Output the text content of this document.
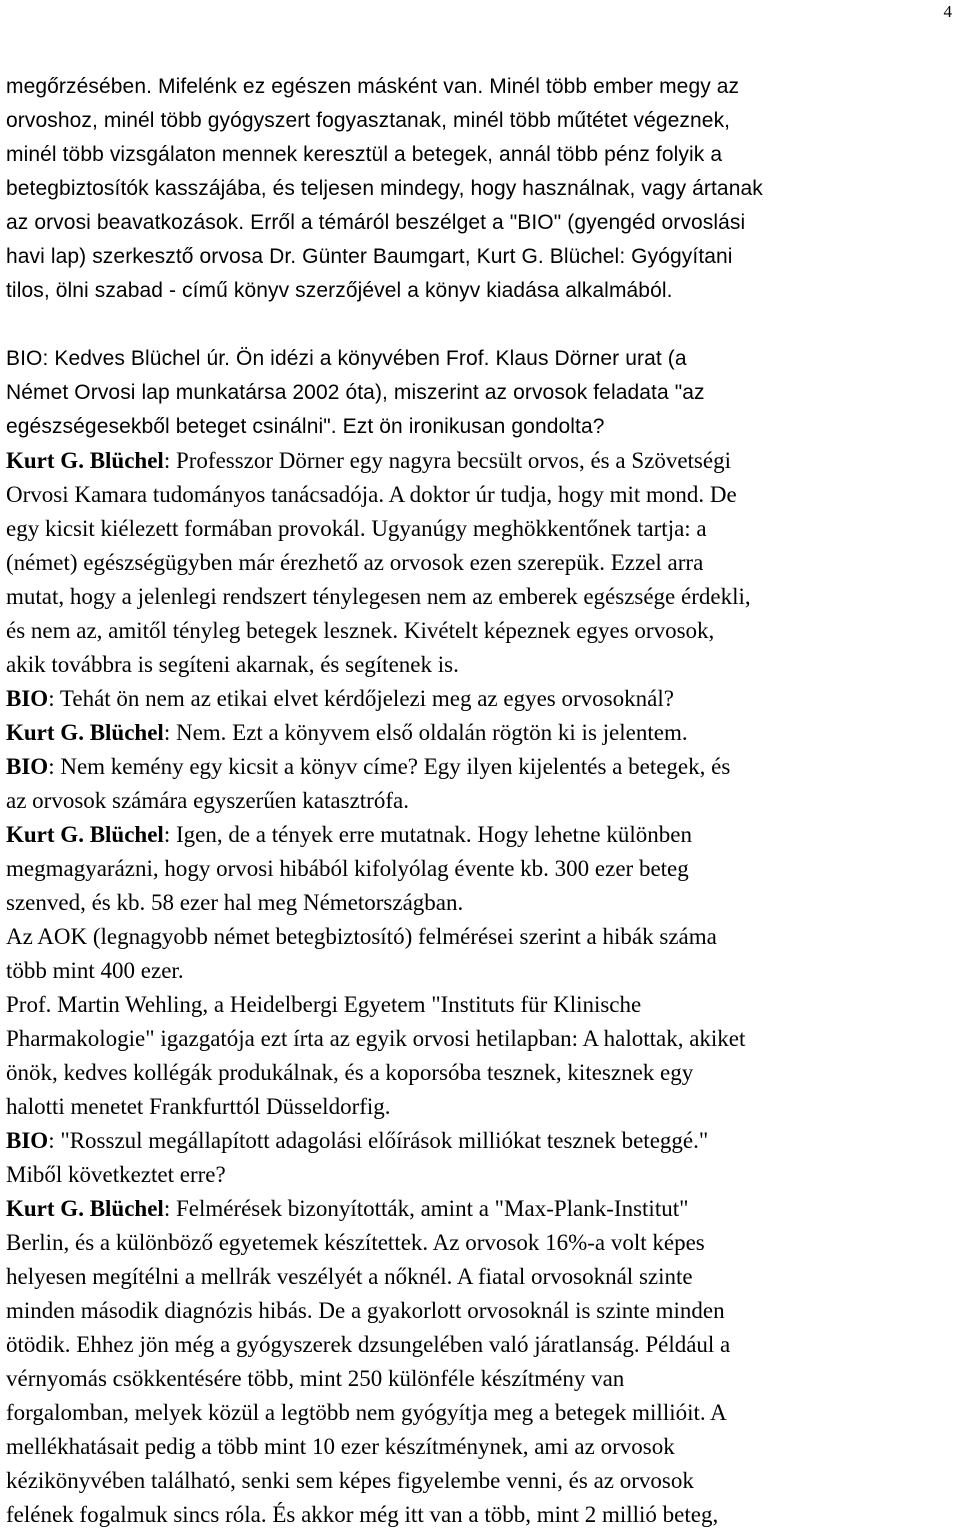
4
megőrzésében. Mifelénk ez egészen másként van. Minél több ember megy az
orvoshoz, minél több gyógyszert fogyasztanak, minél több műtétet végeznek,
minél több vizsgálaton mennek keresztül a betegek, annál több pénz folyik a
betegbiztosítók kasszájába, és teljesen mindegy, hogy használnak, vagy ártanak
az orvosi beavatkozások. Erről a témáról beszélget a "BIO" (gyengéd orvoslási
havi lap) szerkesztő orvosa Dr. Günter Baumgart, Kurt G. Blüchel: Gyógyítani
tilos, ölni szabad - című könyv szerzőjével a könyv kiadása alkalmából.
BIO: Kedves Blüchel úr. Ön idézi a könyvében Frof. Klaus Dörner urat (a
Német Orvosi lap munkatársa 2002 óta), miszerint az orvosok feladata "az
egészségesekből beteget csinálni". Ezt ön ironikusan gondolta?
Kurt G. Blüchel: Professzor Dörner egy nagyra becsült orvos, és a Szövetségi
Orvosi Kamara tudományos tanácsadója. A doktor úr tudja, hogy mit mond. De
egy kicsit kiélezett formában provokál. Ugyanúgy meghökkentőnek tartja: a
(német) egészségügyben már érezhető az orvosok ezen szerepük. Ezzel arra
mutat, hogy a jelenlegi rendszert ténylegesen nem az emberek egészsége érdekli,
és nem az, amitől tényleg betegek lesznek. Kivételt képeznek egyes orvosok,
akik továbbra is segíteni akarnak, és segítenek is.
BIO: Tehát ön nem az etikai elvet kérdőjelezi meg az egyes orvosoknál?
Kurt G. Blüchel: Nem. Ezt a könyvem első oldalán rögtön ki is jelentem.
BIO: Nem kemény egy kicsit a könyv címe? Egy ilyen kijelentés a betegek, és
az orvosok számára egyszerűen katasztrófa.
Kurt G. Blüchel: Igen, de a tények erre mutatnak. Hogy lehetne különben
megmagyarázni, hogy orvosi hibából kifolyólag évente kb. 300 ezer beteg
szenved, és kb. 58 ezer hal meg Németországban.
Az AOK (legnagyobb német betegbiztosító) felmérései szerint a hibák száma
több mint 400 ezer.
Prof. Martin Wehling, a Heidelbergi Egyetem "Instituts für Klinische
Pharmakologie" igazgatója ezt írta az egyik orvosi hetilapban: A halottak, akiket
önök, kedves kollégák produkálnak, és a koporsóba tesznek, kitesznek egy
halotti menetet Frankfurttól Düsseldorfig.
BIO: "Rosszul megállapított adagolási előírások milliókat tesznek beteggé."
Miből következtet erre?
Kurt G. Blüchel: Felmérések bizonyították, amint a "Max-Plank-Institut"
Berlin, és a különböző egyetemek készítettek. Az orvosok 16%-a volt képes
helyesen megítélni a mellrák veszélyét a nőknél. A fiatal orvosoknál szinte
minden második diagnózis hibás. De a gyakorlott orvosoknál is szinte minden
ötödik. Ehhez jön még a gyógyszerek dzsungelében való járatlanság. Például a
vérnyomás csökkentésére több, mint 250 különféle készítmény van
forgalomban, melyek közül a legtöbb nem gyógyítja meg a betegek millióit. A
mellékhatásait pedig a több mint 10 ezer készítménynek, ami az orvosok
kézikönyvében található, senki sem képes figyelembe venni, és az orvosok
felének fogalmuk sincs róla. És akkor még itt van a több, mint 2 millió beteg,
